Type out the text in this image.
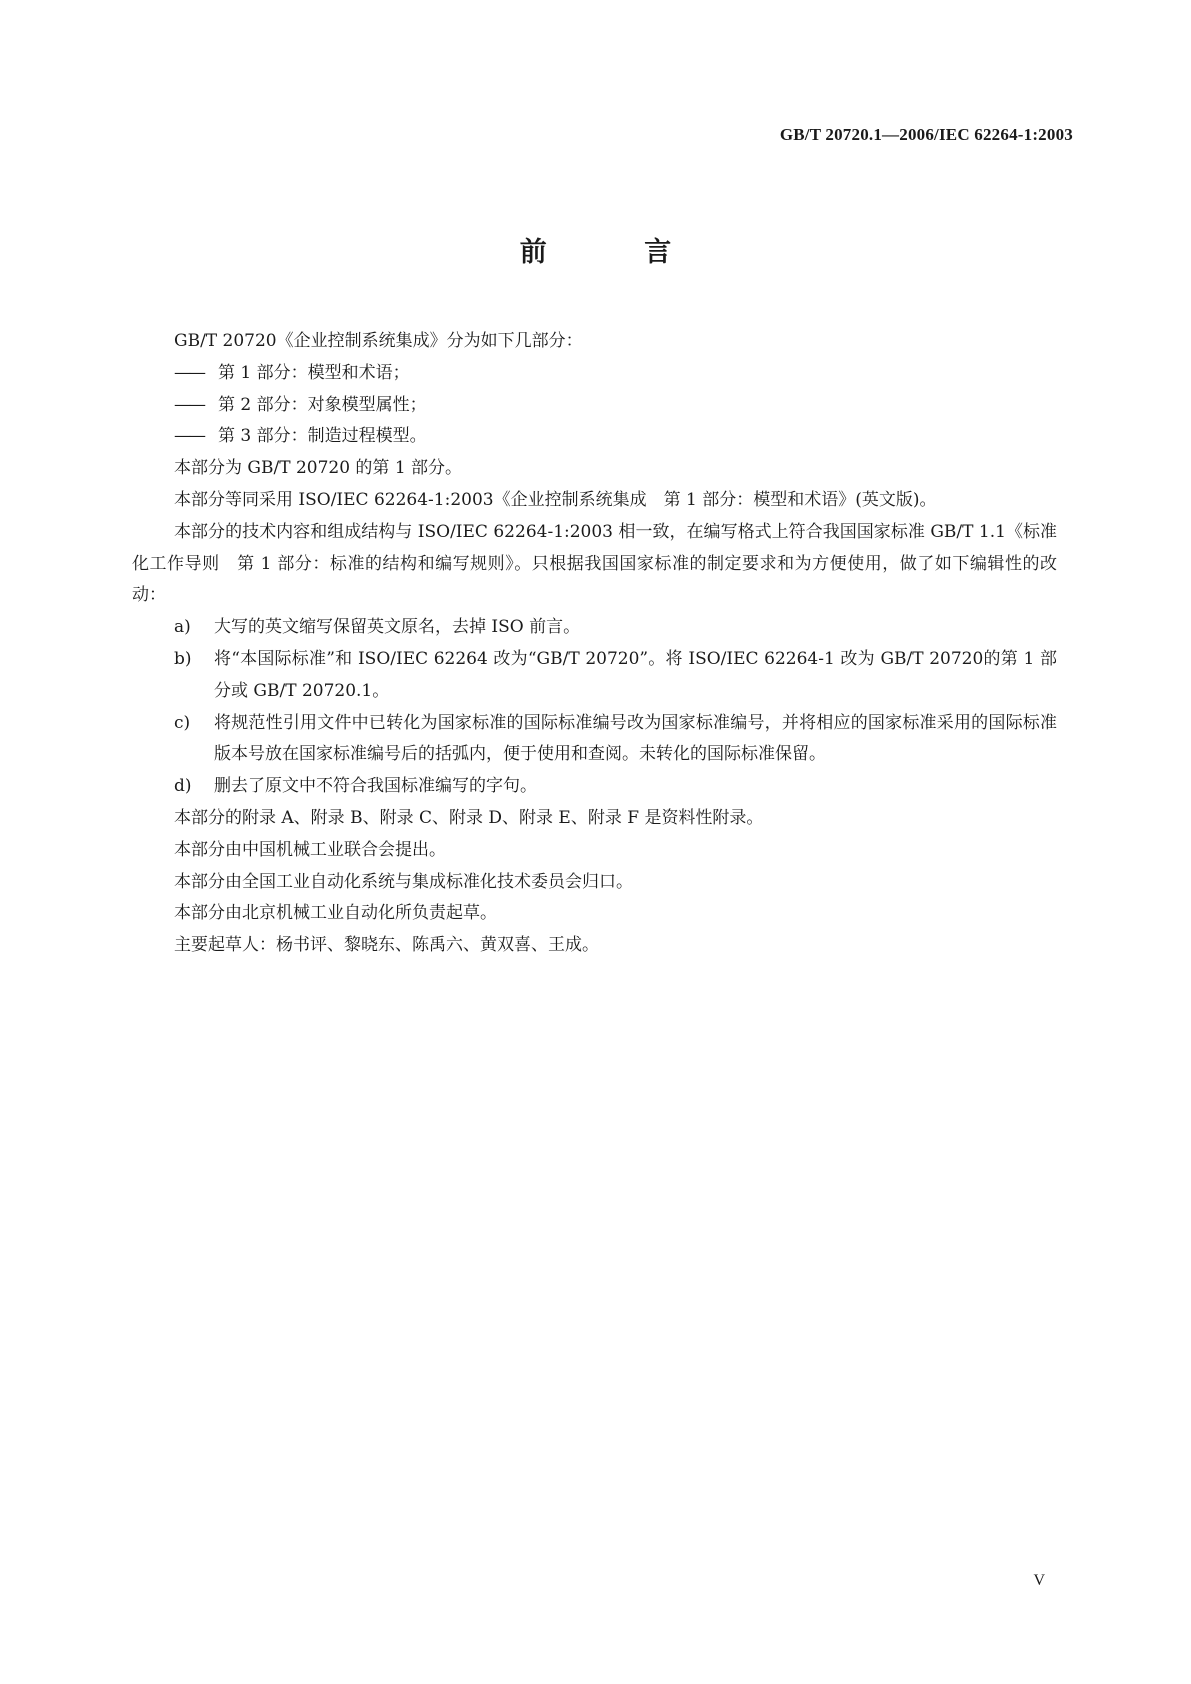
GB/T 20720.1—2006/IEC 62264-1:2003
前 言

GB/T 20720《企业控制系统集成》分为如下几部分：

—— 第 1 部分：模型和术语；

—— 第 2 部分：对象模型属性；

—— 第 3 部分：制造过程模型。

本部分为 GB/T 20720 的第 1 部分。

本部分等同采用 ISO/IEC 62264-1:2003《企业控制系统集成　第 1 部分：模型和术语》(英文版)。

本部分的技术内容和组成结构与 ISO/IEC 62264-1:2003 相一致，在编写格式上符合我国国家标准 GB/T 1.1《标准化工作导则　第 1 部分：标准的结构和编写规则》。只根据我国国家标准的制定要求和为方便使用，做了如下编辑性的改动：

a)	大写的英文缩写保留英文原名，去掉 ISO 前言。
b)	将“本国际标准”和 ISO/IEC 62264 改为“GB/T 20720”。将 ISO/IEC 62264-1 改为 GB/T 20720的第 1 部分或 GB/T 20720.1。
c)	将规范性引用文件中已转化为国家标准的国际标准编号改为国家标准编号，并将相应的国家标准采用的国际标准版本号放在国家标准编号后的括弧内，便于使用和查阅。未转化的国际标准保留。
d)	删去了原文中不符合我国标准编写的字句。

本部分的附录 A、附录 B、附录 C、附录 D、附录 E、附录 F 是资料性附录。

本部分由中国机械工业联合会提出。

本部分由全国工业自动化系统与集成标准化技术委员会归口。

本部分由北京机械工业自动化所负责起草。

主要起草人：杨书评、黎晓东、陈禹六、黄双喜、王成。

V
